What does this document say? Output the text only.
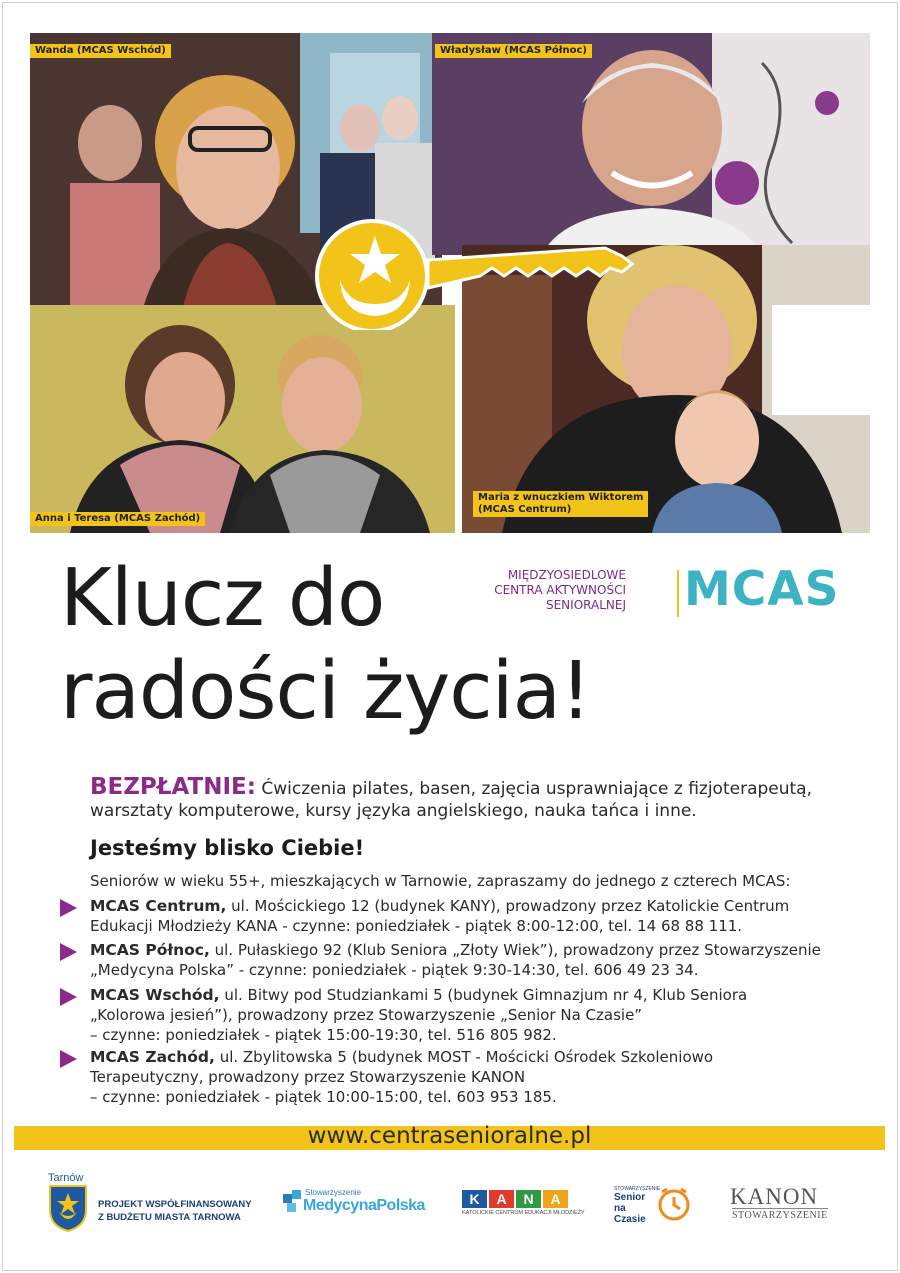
Wanda (MCAS Wschód)	Władysław (MCAS Północ)
Anna i Teresa (MCAS Zachód)
Maria z wnuczkiem Wiktorem
(MCAS Centrum)
Klucz do
radości życia!
MIĘDZYOSIEDLOWE
CENTRA AKTYWNOŚCI
SENIORALNEJ MCAS
BEZPŁATNIE: Ćwiczenia pilates, basen, zajęcia usprawniające z fizjoterapeutą,
warsztaty komputerowe, kursy języka angielskiego, nauka tańca i inne.
Jesteśmy blisko Ciebie!
Seniorów w wieku 55+, mieszkających w Tarnowie, zapraszamy do jednego z czterech MCAS:
MCAS Centrum, ul. Mościckiego 12 (budynek KANY), prowadzony przez Katolickie Centrum
Edukacji Młodzieży KANA - czynne: poniedziałek - piątek 8:00-12:00, tel. 14 68 88 111.
MCAS Północ, ul. Pułaskiego 92 (Klub Seniora „Złoty Wiek”), prowadzony przez Stowarzyszenie
„Medycyna Polska” - czynne: poniedziałek - piątek 9:30-14:30, tel. 606 49 23 34.
MCAS Wschód, ul. Bitwy pod Studziankami 5 (budynek Gimnazjum nr 4, Klub Seniora
„Kolorowa jesień”), prowadzony przez Stowarzyszenie „Senior Na Czasie”
– czynne: poniedziałek - piątek 15:00-19:30, tel. 516 805 982.
MCAS Zachód, ul. Zbylitowska 5 (budynek MOST - Mościcki Ośrodek Szkoleniowo
Terapeutyczny, prowadzony przez Stowarzyszenie KANON
– czynne: poniedziałek - piątek 10:00-15:00, tel. 603 953 185.
www.centrasenioralne.pl
Tarnów
PROJEKT WSPÓŁFINANSOWANY
Z BUDŻETU MIASTA TARNOWA
Stowarzyszenie
MedycynaPolska	K	A	N	A
KATOLICKIE CENTRUM EDUKACJI MŁODZIEŻY
STOWARZYSZENIE
Senior
na
Czasie
KANON
STOWARZYSZENIE
